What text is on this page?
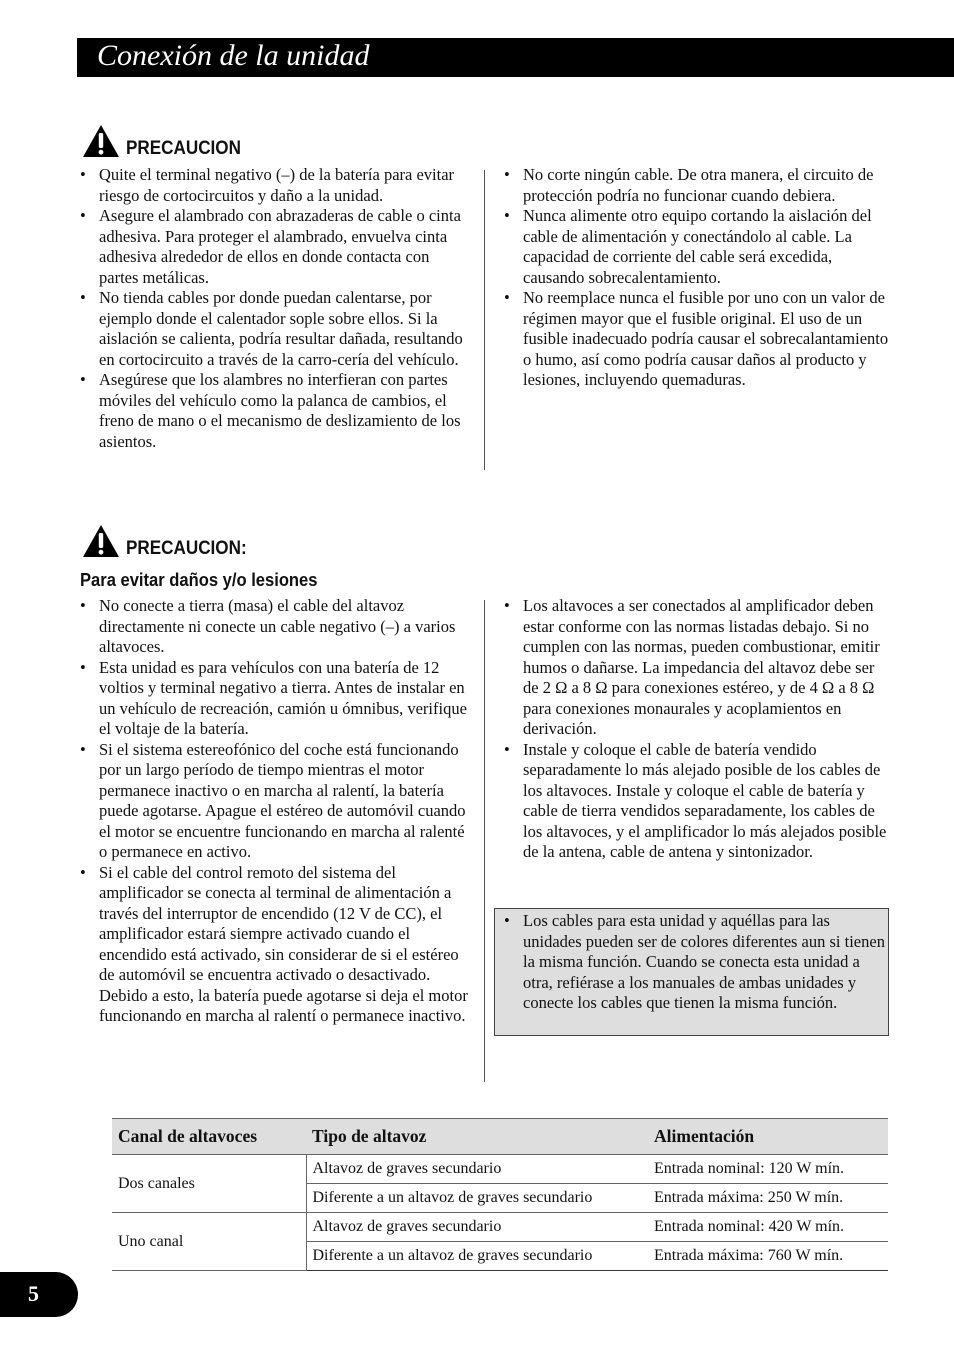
Conexión de la unidad
PRECAUCION
• Quite el terminal negativo (–) de la batería para evitar riesgo de cortocircuitos y daño a la unidad.
• Asegure el alambrado con abrazaderas de cable o cinta adhesiva. Para proteger el alambrado, envuelva cinta adhesiva alrededor de ellos en donde contacta con partes metálicas.
• No tienda cables por donde puedan calentarse, por ejemplo donde el calentador sople sobre ellos. Si la aislación se calienta, podría resultar dañada, resultando en cortocircuito a través de la carro-cería del vehículo.
• Asegúrese que los alambres no interfieran con partes móviles del vehículo como la palanca de cambios, el freno de mano o el mecanismo de deslizamiento de los asientos.
• No corte ningún cable. De otra manera, el circuito de protección podría no funcionar cuando debiera.
• Nunca alimente otro equipo cortando la aislación del cable de alimentación y conectándolo al cable. La capacidad de corriente del cable será excedida, causando sobrecalentamiento.
• No reemplace nunca el fusible por uno con un valor de régimen mayor que el fusible original. El uso de un fusible inadecuado podría causar el sobrecalantamiento o humo, así como podría causar daños al producto y lesiones, incluyendo quemaduras.
PRECAUCION:
Para evitar daños y/o lesiones
• No conecte a tierra (masa) el cable del altavoz directamente ni conecte un cable negativo (–) a varios altavoces.
• Esta unidad es para vehículos con una batería de 12 voltios y terminal negativo a tierra. Antes de instalar en un vehículo de recreación, camión u ómnibus, verifique el voltaje de la batería.
• Si el sistema estereofónico del coche está funcionando por un largo período de tiempo mientras el motor permanece inactivo o en marcha al ralentí, la batería puede agotarse. Apague el estéreo de automóvil cuando el motor se encuentre funcionando en marcha al ralenté o permanece en activo.
• Si el cable del control remoto del sistema del amplificador se conecta al terminal de alimentación a través del interruptor de encendido (12 V de CC), el amplificador estará siempre activado cuando el encendido está activado, sin considerar de si el estéreo de automóvil se encuentra activado o desactivado. Debido a esto, la batería puede agotarse si deja el motor funcionando en marcha al ralentí o permanece inactivo.
• Los altavoces a ser conectados al amplificador deben estar conforme con las normas listadas debajo. Si no cumplen con las normas, pueden combustionar, emitir humos o dañarse. La impedancia del altavoz debe ser de 2 Ω a 8 Ω para conexiones estéreo, y de 4 Ω a 8 Ω para conexiones monaurales y acoplamientos en derivación.
• Instale y coloque el cable de batería vendido separadamente lo más alejado posible de los cables de los altavoces. Instale y coloque el cable de batería y cable de tierra vendidos separadamente, los cables de los altavoces, y el amplificador lo más alejados posible de la antena, cable de antena y sintonizador.
• Los cables para esta unidad y aquéllas para las unidades pueden ser de colores diferentes aun si tienen la misma función. Cuando se conecta esta unidad a otra, refiérase a los manuales de ambas unidades y conecte los cables que tienen la misma función.
Canal de altavoces	Tipo de altavoz	Alimentación
Dos canales	Altavoz de graves secundario	Entrada nominal: 120 W mín.
	Diferente a un altavoz de graves secundario	Entrada máxima: 250 W mín.
Uno canal	Altavoz de graves secundario	Entrada nominal: 420 W mín.
	Diferente a un altavoz de graves secundario	Entrada máxima: 760 W mín.
5
